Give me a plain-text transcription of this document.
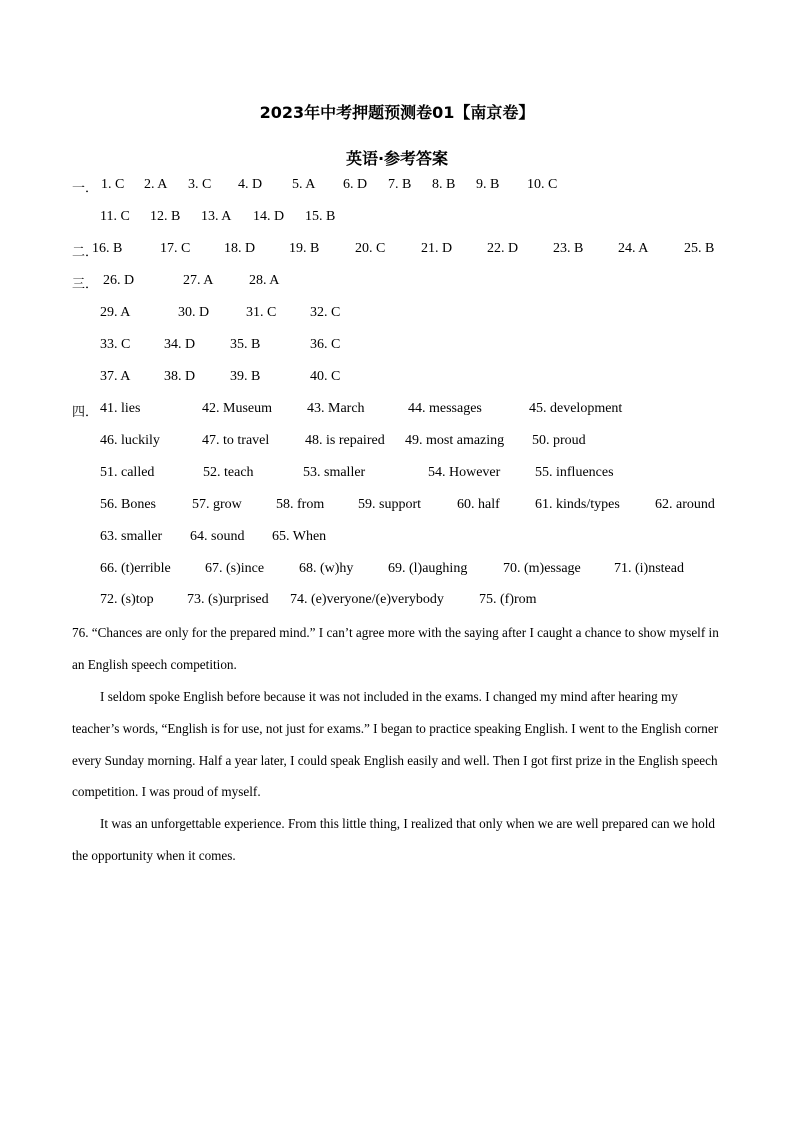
2023年中考押题预测卷01【南京卷】
英语·参考答案
一． 1. C 2. A 3. C 4. D 5. A 6. D 7. B 8. B 9. B 10. C
11. C 12. B 13. A 14. D 15. B
二．
16. B	17. C 18. D 19. B	20. C	21. D 22. D 23. B 24. A	25. B
三． 26. D	27. A	28. A
29. A	30. D	31. C 32. C
33. C 34. D 35. B	36. C
37. A 38. D 39. B	40. C
四． 41. lies	42. Museum	43. March	44. messages	45. development
46. luckily	47. to travel	48. is repaired 49. most amazing 50. proud
51. called	52. teach	53. smaller	54. However 55. influences
56. Bones	57. grow 58. from 59. support	60. half	61. kinds/types	62. around
63. smaller 64. sound 65. When
66. (t)errible 67. (s)ince 68. (w)hy 69. (l)aughing	70. (m)essage 71. (i)nstead
72. (s)top 73. (s)urprised 74. (e)veryone/(e)verybody	75. (f)rom
76. “Chances are only for the prepared mind.” I can’t agree more with the saying after I caught a chance to show myself in an English speech competition.
I seldom spoke English before because it was not included in the exams. I changed my mind after hearing my teacher’s words, “English is for use, not just for exams.” I began to practice speaking English. I went to the English corner every Sunday morning. Half a year later, I could speak English easily and well. Then I got first prize in the English speech competition. I was proud of myself.
It was an unforgettable experience. From this little thing, I realized that only when we are well prepared can we hold the opportunity when it comes.
